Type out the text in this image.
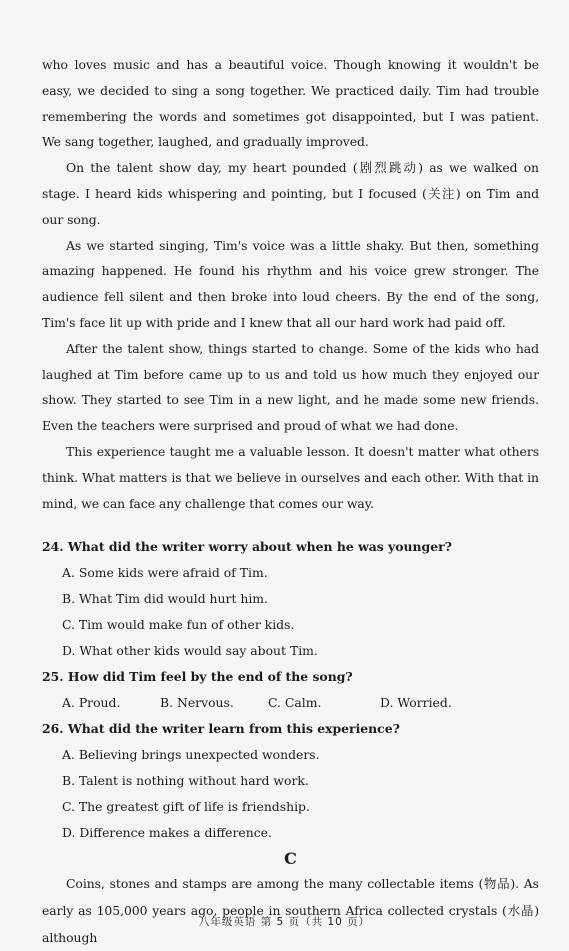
who loves music and has a beautiful voice. Though knowing it wouldn't be easy, we decided to sing a song together. We practiced daily. Tim had trouble remembering the words and sometimes got disappointed, but I was patient. We sang together, laughed, and gradually improved.

On the talent show day, my heart pounded (剧烈跳动) as we walked on stage. I heard kids whispering and pointing, but I focused (关注) on Tim and our song.

As we started singing, Tim's voice was a little shaky. But then, something amazing happened. He found his rhythm and his voice grew stronger. The audience fell silent and then broke into loud cheers. By the end of the song, Tim's face lit up with pride and I knew that all our hard work had paid off.

After the talent show, things started to change. Some of the kids who had laughed at Tim before came up to us and told us how much they enjoyed our show. They started to see Tim in a new light, and he made some new friends. Even the teachers were surprised and proud of what we had done.

This experience taught me a valuable lesson. It doesn't matter what others think. What matters is that we believe in ourselves and each other. With that in mind, we can face any challenge that comes our way.

24. What did the writer worry about when he was younger?

A. Some kids were afraid of Tim.

B. What Tim did would hurt him.

C. Tim would make fun of other kids.

D. What other kids would say about Tim.

25. How did Tim feel by the end of the song?

A. Proud.	B. Nervous.	C. Calm.	D. Worried.

26. What did the writer learn from this experience?

A. Believing brings unexpected wonders.

B. Talent is nothing without hard work.

C. The greatest gift of life is friendship.

D. Difference makes a difference.

C

Coins, stones and stamps are among the many collectable items (物品). As early as 105,000 years ago, people in southern Africa collected crystals (水晶) although

八年级英语 第 5 页（共 10 页）
